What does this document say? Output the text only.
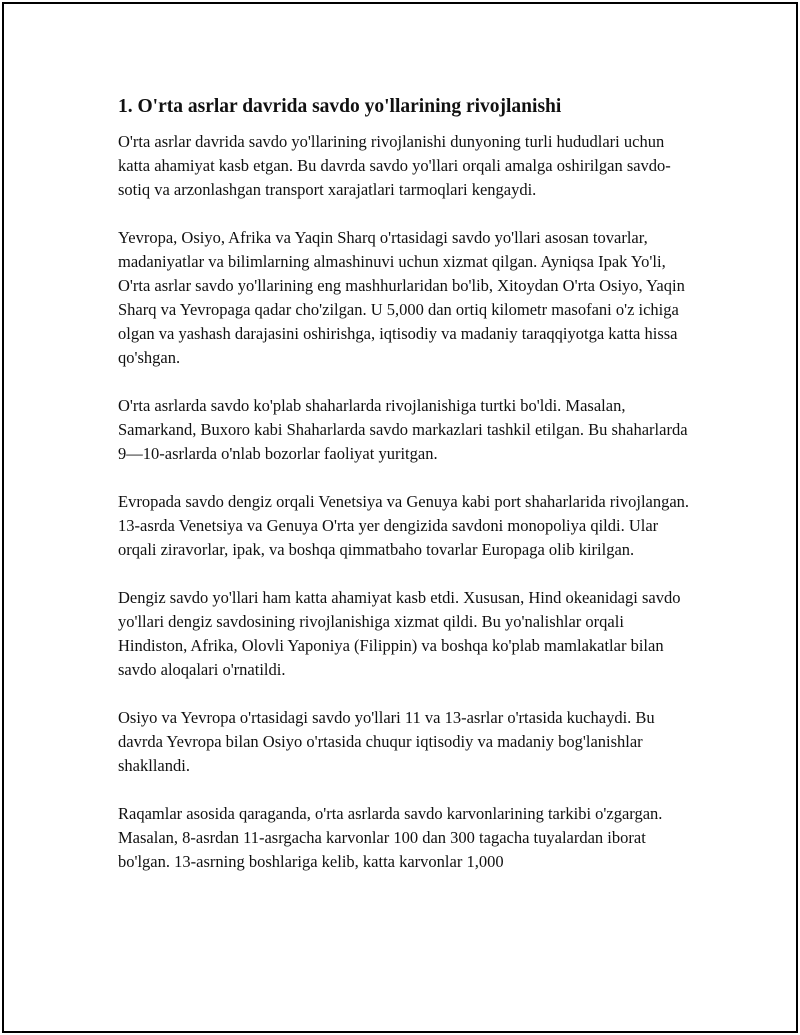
1. O'rta asrlar davrida savdo yo'llarining rivojlanishi

O'rta asrlar davrida savdo yo'llarining rivojlanishi dunyoning turli hududlari uchun katta ahamiyat kasb etgan. Bu davrda savdo yo'llari orqali amalga oshirilgan savdo-sotiq va arzonlashgan transport xarajatlari tarmoqlari kengaydi.

Yevropa, Osiyo, Afrika va Yaqin Sharq o'rtasidagi savdo yo'llari asosan tovarlar, madaniyatlar va bilimlarning almashinuvi uchun xizmat qilgan. Ayniqsa Ipak Yo'li, O'rta asrlar savdo yo'llarining eng mashhurlaridan bo'lib, Xitoydan O'rta Osiyo, Yaqin Sharq va Yevropaga qadar cho'zilgan. U 5,000 dan ortiq kilometr masofani o'z ichiga olgan va yashash darajasini oshirishga, iqtisodiy va madaniy taraqqiyotga katta hissa qo'shgan.

O'rta asrlarda savdo ko'plab shaharlarda rivojlanishiga turtki bo'ldi. Masalan, Samarkand, Buxoro kabi Shaharlarda savdo markazlari tashkil etilgan. Bu shaharlarda 9—10-asrlarda o'nlab bozorlar faoliyat yuritgan.

Evropada savdo dengiz orqali Venetsiya va Genuya kabi port shaharlarida rivojlangan. 13-asrda Venetsiya va Genuya O'rta yer dengizida savdoni monopoliya qildi. Ular orqali ziravorlar, ipak, va boshqa qimmatbaho tovarlar Europaga olib kirilgan.

Dengiz savdo yo'llari ham katta ahamiyat kasb etdi. Xususan, Hind okeanidagi savdo yo'llari dengiz savdosining rivojlanishiga xizmat qildi. Bu yo'nalishlar orqali Hindiston, Afrika, Olovli Yaponiya (Filippin) va boshqa ko'plab mamlakatlar bilan savdo aloqalari o'rnatildi.

Osiyo va Yevropa o'rtasidagi savdo yo'llari 11 va 13-asrlar o'rtasida kuchaydi. Bu davrda Yevropa bilan Osiyo o'rtasida chuqur iqtisodiy va madaniy bog'lanishlar shakllandi.

Raqamlar asosida qaraganda, o'rta asrlarda savdo karvonlarining tarkibi o'zgargan. Masalan, 8-asrdan 11-asrgacha karvonlar 100 dan 300 tagacha tuyalardan iborat bo'lgan. 13-asrning boshlariga kelib, katta karvonlar 1,000
